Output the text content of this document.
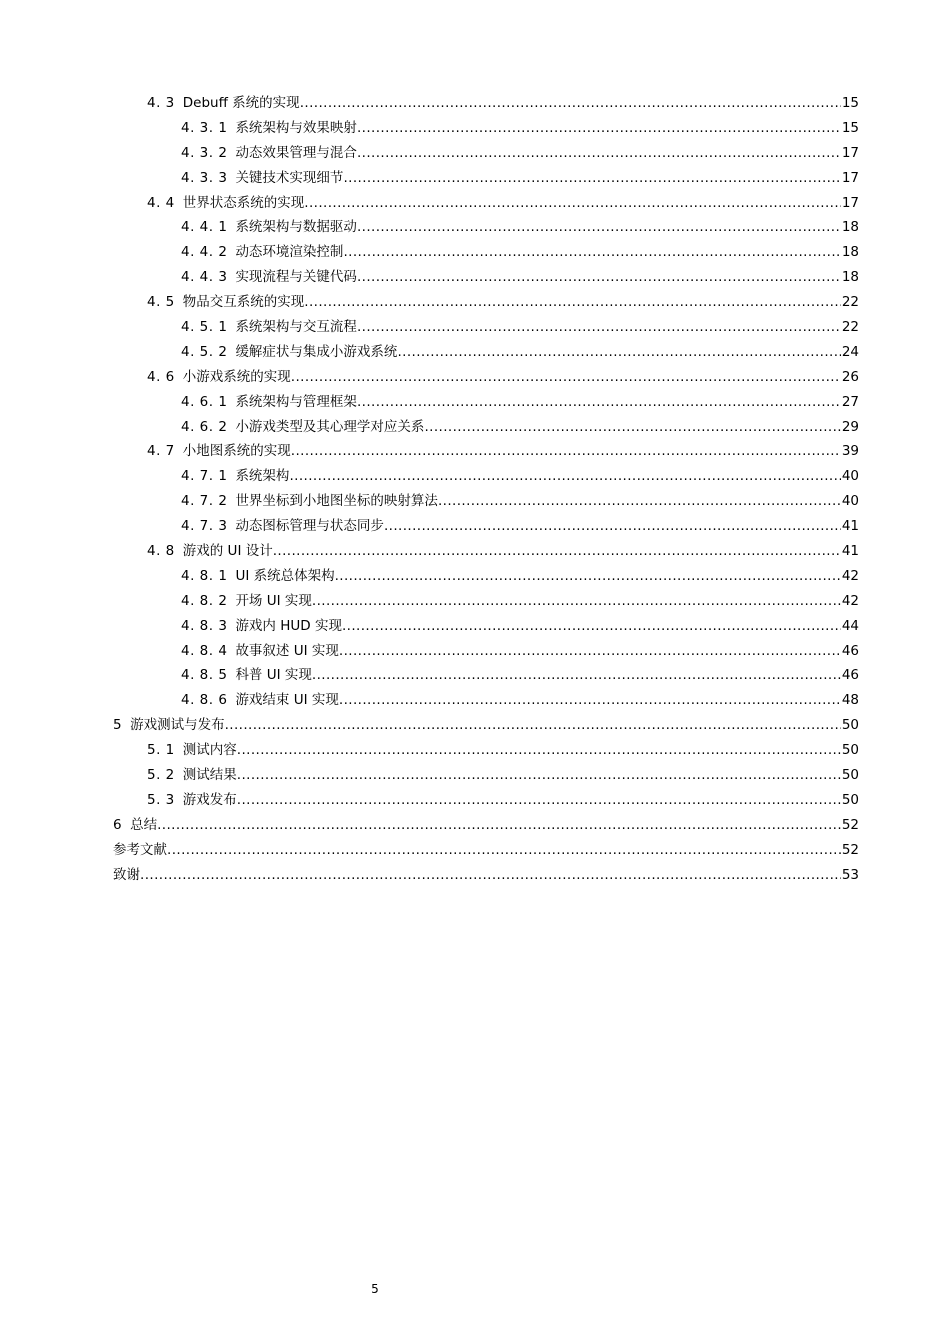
4. 3 Debuff 系统的实现 .....	15
4. 3. 1 系统架构与效果映射 .....	15
4. 3. 2 动态效果管理与混合 .....	17
4. 3. 3 关键技术实现细节 .....	17
4. 4 世界状态系统的实现 .....	17
4. 4. 1 系统架构与数据驱动 .....	18
4. 4. 2 动态环境渲染控制 .....	18
4. 4. 3 实现流程与关键代码 .....	18
4. 5 物品交互系统的实现 .....	22
4. 5. 1 系统架构与交互流程 .....	22
4. 5. 2 缓解症状与集成小游戏系统 .....	24
4. 6 小游戏系统的实现 .....	26
4. 6. 1 系统架构与管理框架 .....	27
4. 6. 2 小游戏类型及其心理学对应关系 .....	29
4. 7 小地图系统的实现 .....	39
4. 7. 1 系统架构 .....	40
4. 7. 2 世界坐标到小地图坐标的映射算法 .....	40
4. 7. 3 动态图标管理与状态同步 .....	41
4. 8 游戏的 UI 设计 .....	41
4. 8. 1 UI 系统总体架构 .....	42
4. 8. 2 开场 UI 实现 .....	42
4. 8. 3 游戏内 HUD 实现 .....	44
4. 8. 4 故事叙述 UI 实现 .....	46
4. 8. 5 科普 UI 实现 .....	46
4. 8. 6 游戏结束 UI 实现 .....	48
5 游戏测试与发布 .....	50
5. 1 测试内容 .....	50
5. 2 测试结果 .....	50
5. 3 游戏发布 .....	50
6 总结 .....	52
参考文献 .....	52
致谢 .....	53
5
